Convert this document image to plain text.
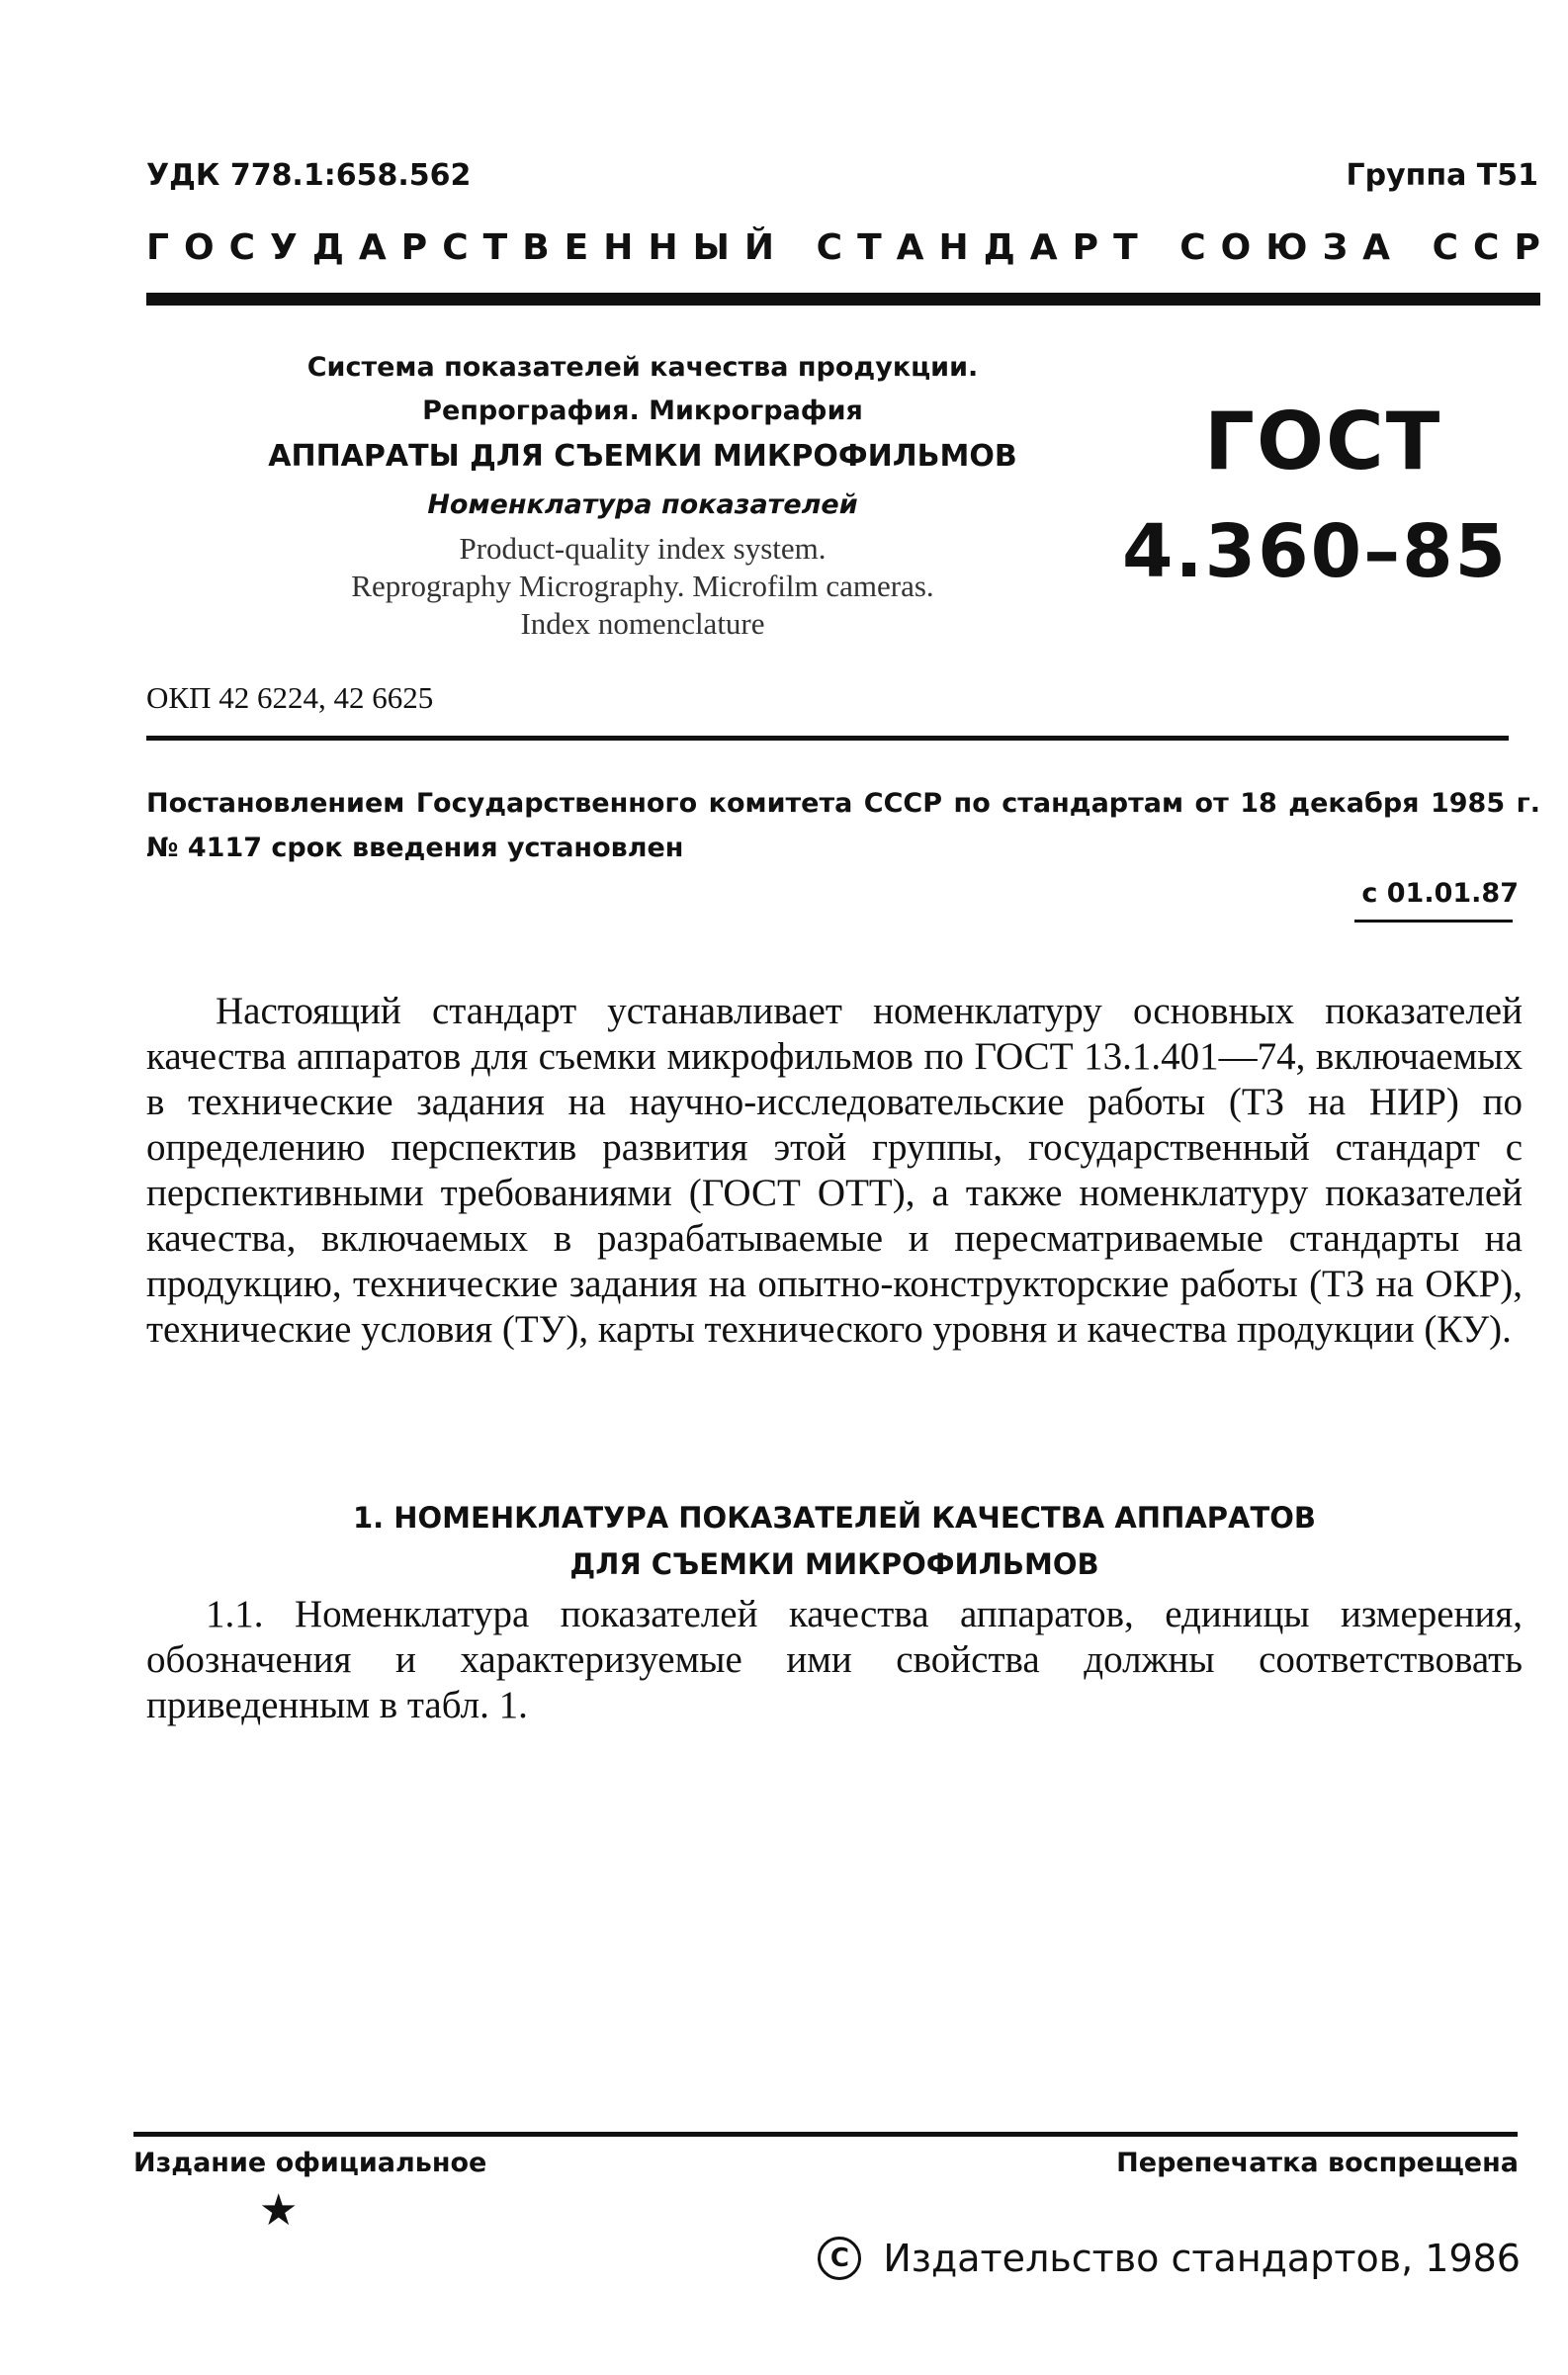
УДК 778.1:658.562	Группа Т51
Г О С У Д А Р С Т В Е Н Н Ы Й
С Т А Н Д А Р Т
С О Ю З А
С С Р
Система показателей качества продукции.
Репрография. Микрография
АППАРАТЫ ДЛЯ СЪЕМКИ МИКРОФИЛЬМОВ
Номенклатура показателей
Product-quality index system.
Reprography Micrography. Microfilm cameras.
Index nomenclature
ГОСТ
4.360–85
ОКП 42 6224, 42 6625
Постановлением Государственного комитета СССР по стандартам от 18 декабря 1985 г. № 4117 срок введения установлен
с 01.01.87
Настоящий стандарт устанавливает номенклатуру основных показателей качества аппаратов для съемки микрофильмов по ГОСТ 13.1.401—74, включаемых в технические задания на научно-исследовательские работы (ТЗ на НИР) по определению перспектив развития этой группы, государственный стандарт с перспективными требованиями (ГОСТ ОТТ), а также номенклатуру показателей качества, включаемых в разрабатываемые и пересматриваемые стандарты на продукцию, технические задания на опытно-конструкторские работы (ТЗ на ОКР), технические условия (ТУ), карты технического уровня и качества продукции (КУ).
1. НОМЕНКЛАТУРА ПОКАЗАТЕЛЕЙ КАЧЕСТВА АППАРАТОВ
ДЛЯ СЪЕМКИ МИКРОФИЛЬМОВ
1.1. Номенклатура показателей качества аппаратов, единицы измерения, обозначения и характеризуемые ими свойства должны соответствовать приведенным в табл. 1.
Издание официальное	Перепечатка воспрещена
★
C Издательство стандартов, 1986
